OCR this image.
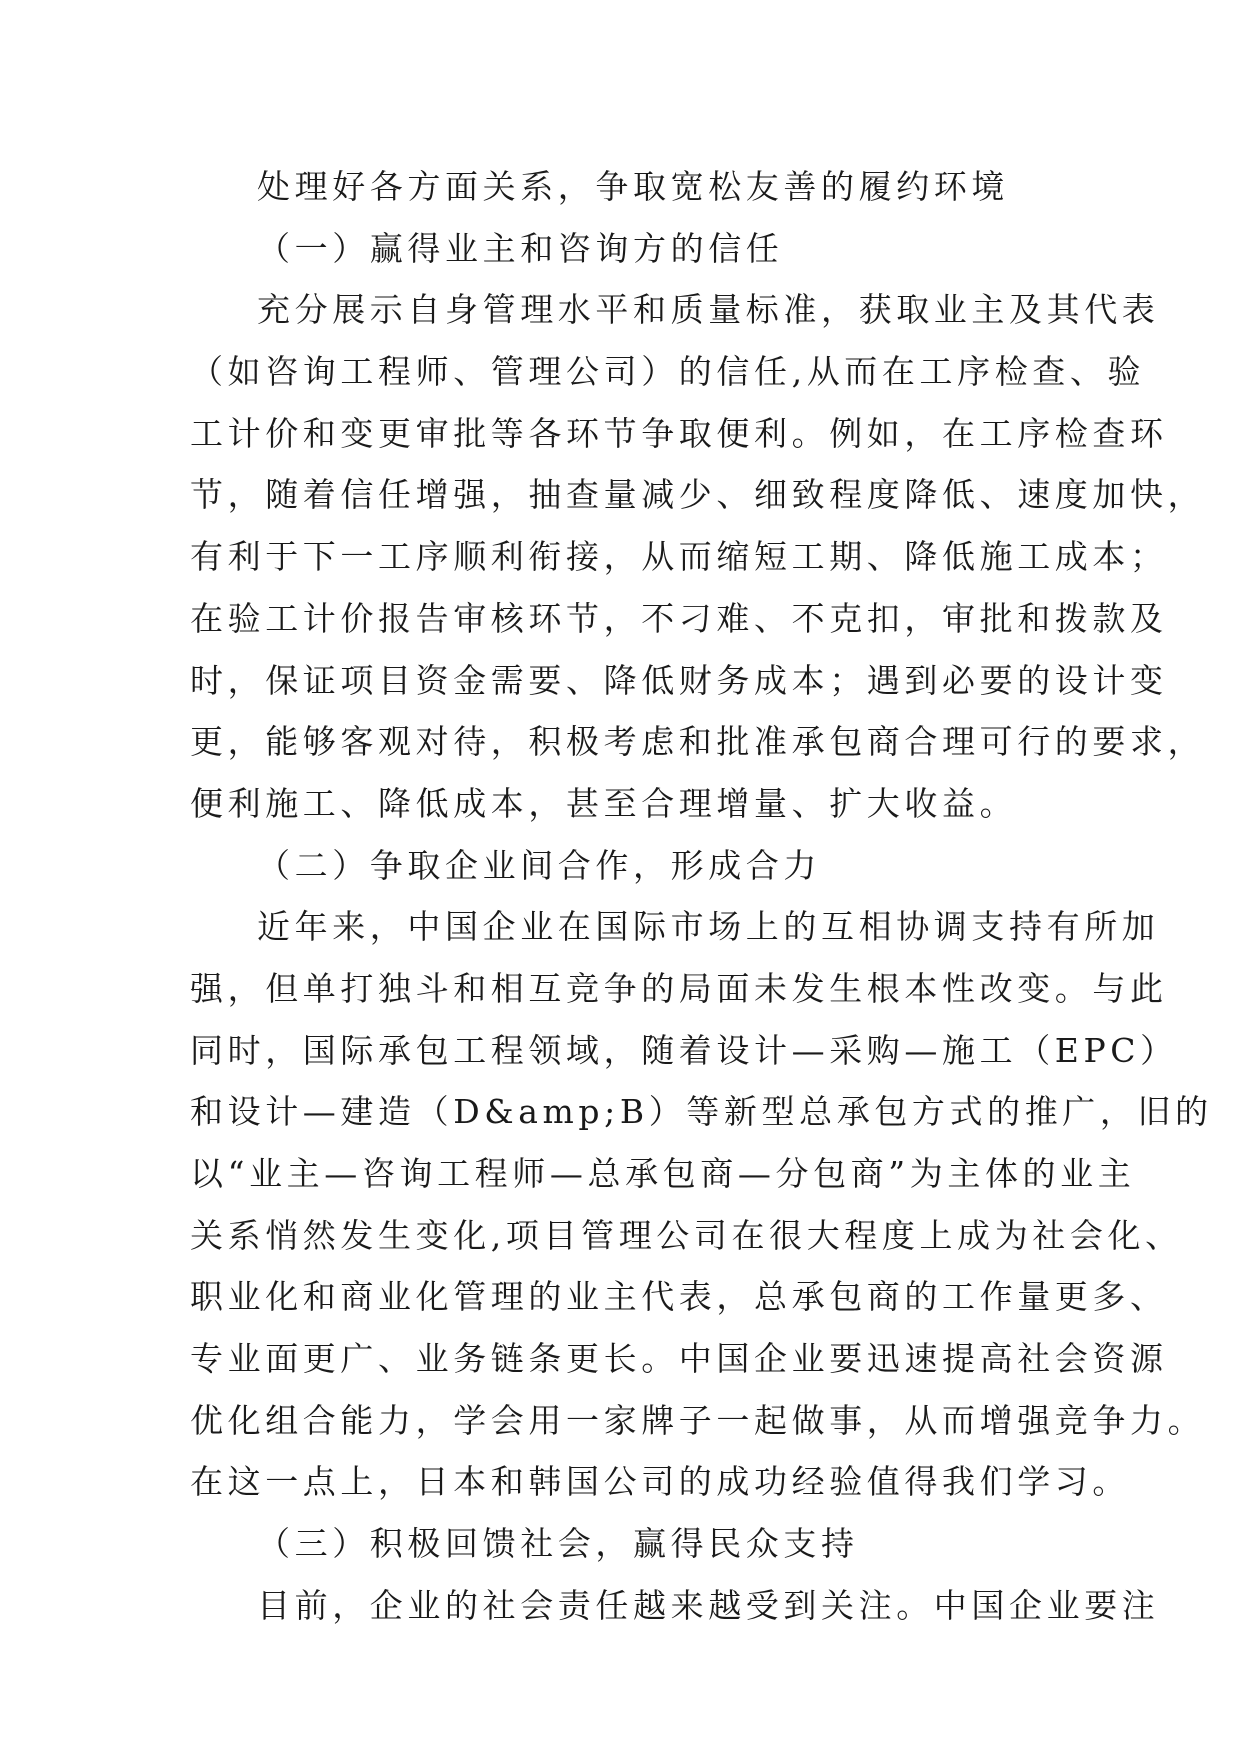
处理好各方面关系，争取宽松友善的履约环境
（一）赢得业主和咨询方的信任
充分展示自身管理水平和质量标准，获取业主及其代表
（如咨询工程师、管理公司）的信任,从而在工序检查、验
工计价和变更审批等各环节争取便利。例如，在工序检查环
节，随着信任增强，抽查量减少、细致程度降低、速度加快，
有利于下一工序顺利衔接，从而缩短工期、降低施工成本；
在验工计价报告审核环节，不刁难、不克扣，审批和拨款及
时，保证项目资金需要、降低财务成本；遇到必要的设计变
更，能够客观对待，积极考虑和批准承包商合理可行的要求，
便利施工、降低成本，甚至合理增量、扩大收益。
（二）争取企业间合作，形成合力
近年来，中国企业在国际市场上的互相协调支持有所加
强，但单打独斗和相互竞争的局面未发生根本性改变。与此
同时，国际承包工程领域，随着设计—采购—施工（EPC）
和设计—建造（D&amp;B）等新型总承包方式的推广，旧的
以“业主—咨询工程师—总承包商—分包商”为主体的业主
关系悄然发生变化,项目管理公司在很大程度上成为社会化、
职业化和商业化管理的业主代表，总承包商的工作量更多、
专业面更广、业务链条更长。中国企业要迅速提高社会资源
优化组合能力，学会用一家牌子一起做事，从而增强竞争力。
在这一点上，日本和韩国公司的成功经验值得我们学习。
（三）积极回馈社会，赢得民众支持
目前，企业的社会责任越来越受到关注。中国企业要注
